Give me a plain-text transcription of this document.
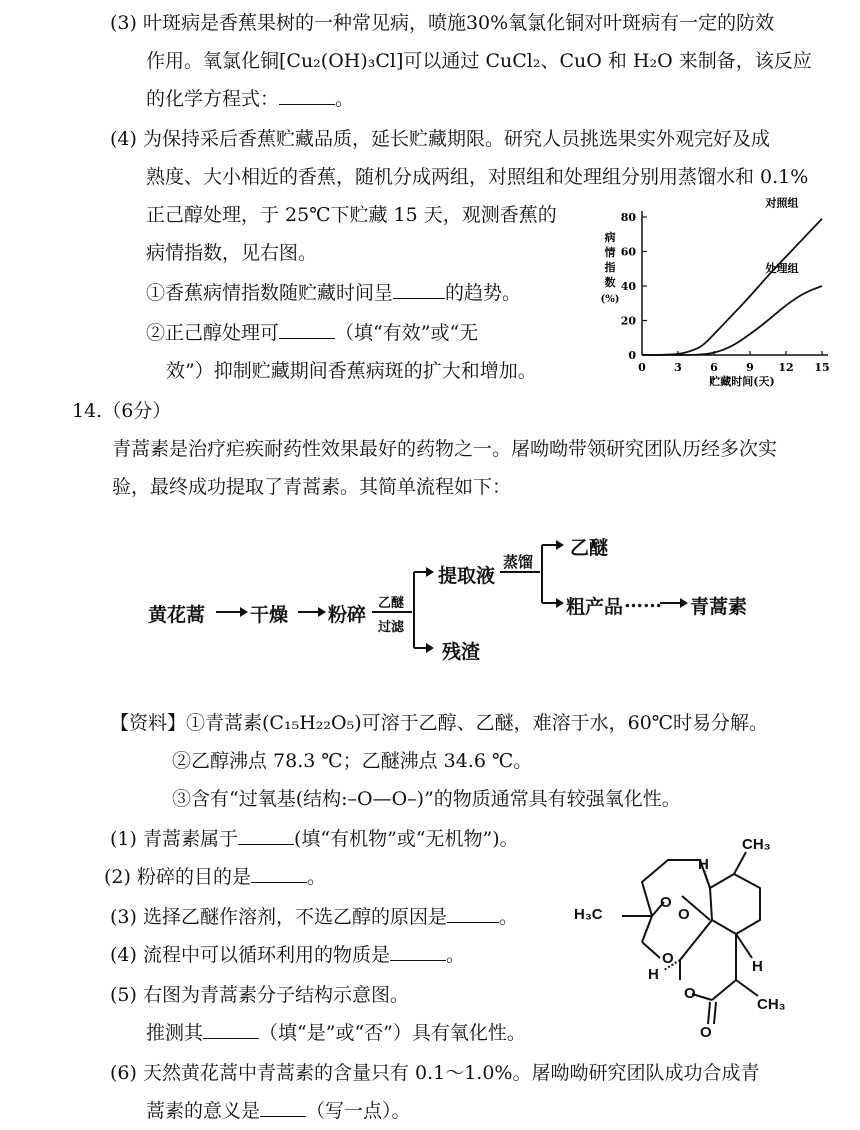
(3) 叶斑病是香蕉果树的一种常见病，喷施30%氧氯化铜对叶斑病有一定的防效
作用。氧氯化铜[Cu₂(OH)₃Cl]可以通过 CuCl₂、CuO 和 H₂O 来制备，该反应
的化学方程式：	。
(4) 为保持采后香蕉贮藏品质，延长贮藏期限。研究人员挑选果实外观完好及成
熟度、大小相近的香蕉，随机分成两组，对照组和处理组分别用蒸馏水和 0.1%
正己醇处理，于 25℃下贮藏 15 天，观测香蕉的
病情指数，见右图。
①香蕉病情指数随贮藏时间呈	的趋势。
②正己醇处理可	（填“有效”或“无
效”）抑制贮藏期间香蕉病斑的扩大和增加。
0
20
40
60
80
0	3	6	9 12 15
贮藏时间(天)
病情指数(%)
对照组
处理组
14.（6分）
青蒿素是治疗疟疾耐药性效果最好的药物之一。屠呦呦带领研究团队历经多次实
验，最终成功提取了青蒿素。其简单流程如下：
黄花蒿 干燥 粉碎
乙醚
过滤
提取液
残渣
蒸馏
乙醚
粗产品 …… 青蒿素
【资料】①青蒿素(C₁₅H₂₂O₅)可溶于乙醇、乙醚，难溶于水，60℃时易分解。
②乙醇沸点 78.3 ℃；乙醚沸点 34.6 ℃。
③含有“过氧基(结构:–O—O–)”的物质通常具有较强氧化性。
(1) 青蒿素属于	(填“有机物”或“无机物”)。
(2) 粉碎的目的是	。
(3) 选择乙醚作溶剂，不选乙醇的原因是	。
(4) 流程中可以循环利用的物质是	。
(5) 右图为青蒿素分子结构示意图。
推测其	（填“是”或“否”）具有氧化性。
(6) 天然黄花蒿中青蒿素的含量只有 0.1～1.0%。屠呦呦研究团队成功合成青
蒿素的意义是 （写一点）。
CH₃
H
H₃C
O
O
O
H	H
O
CH₃
O
